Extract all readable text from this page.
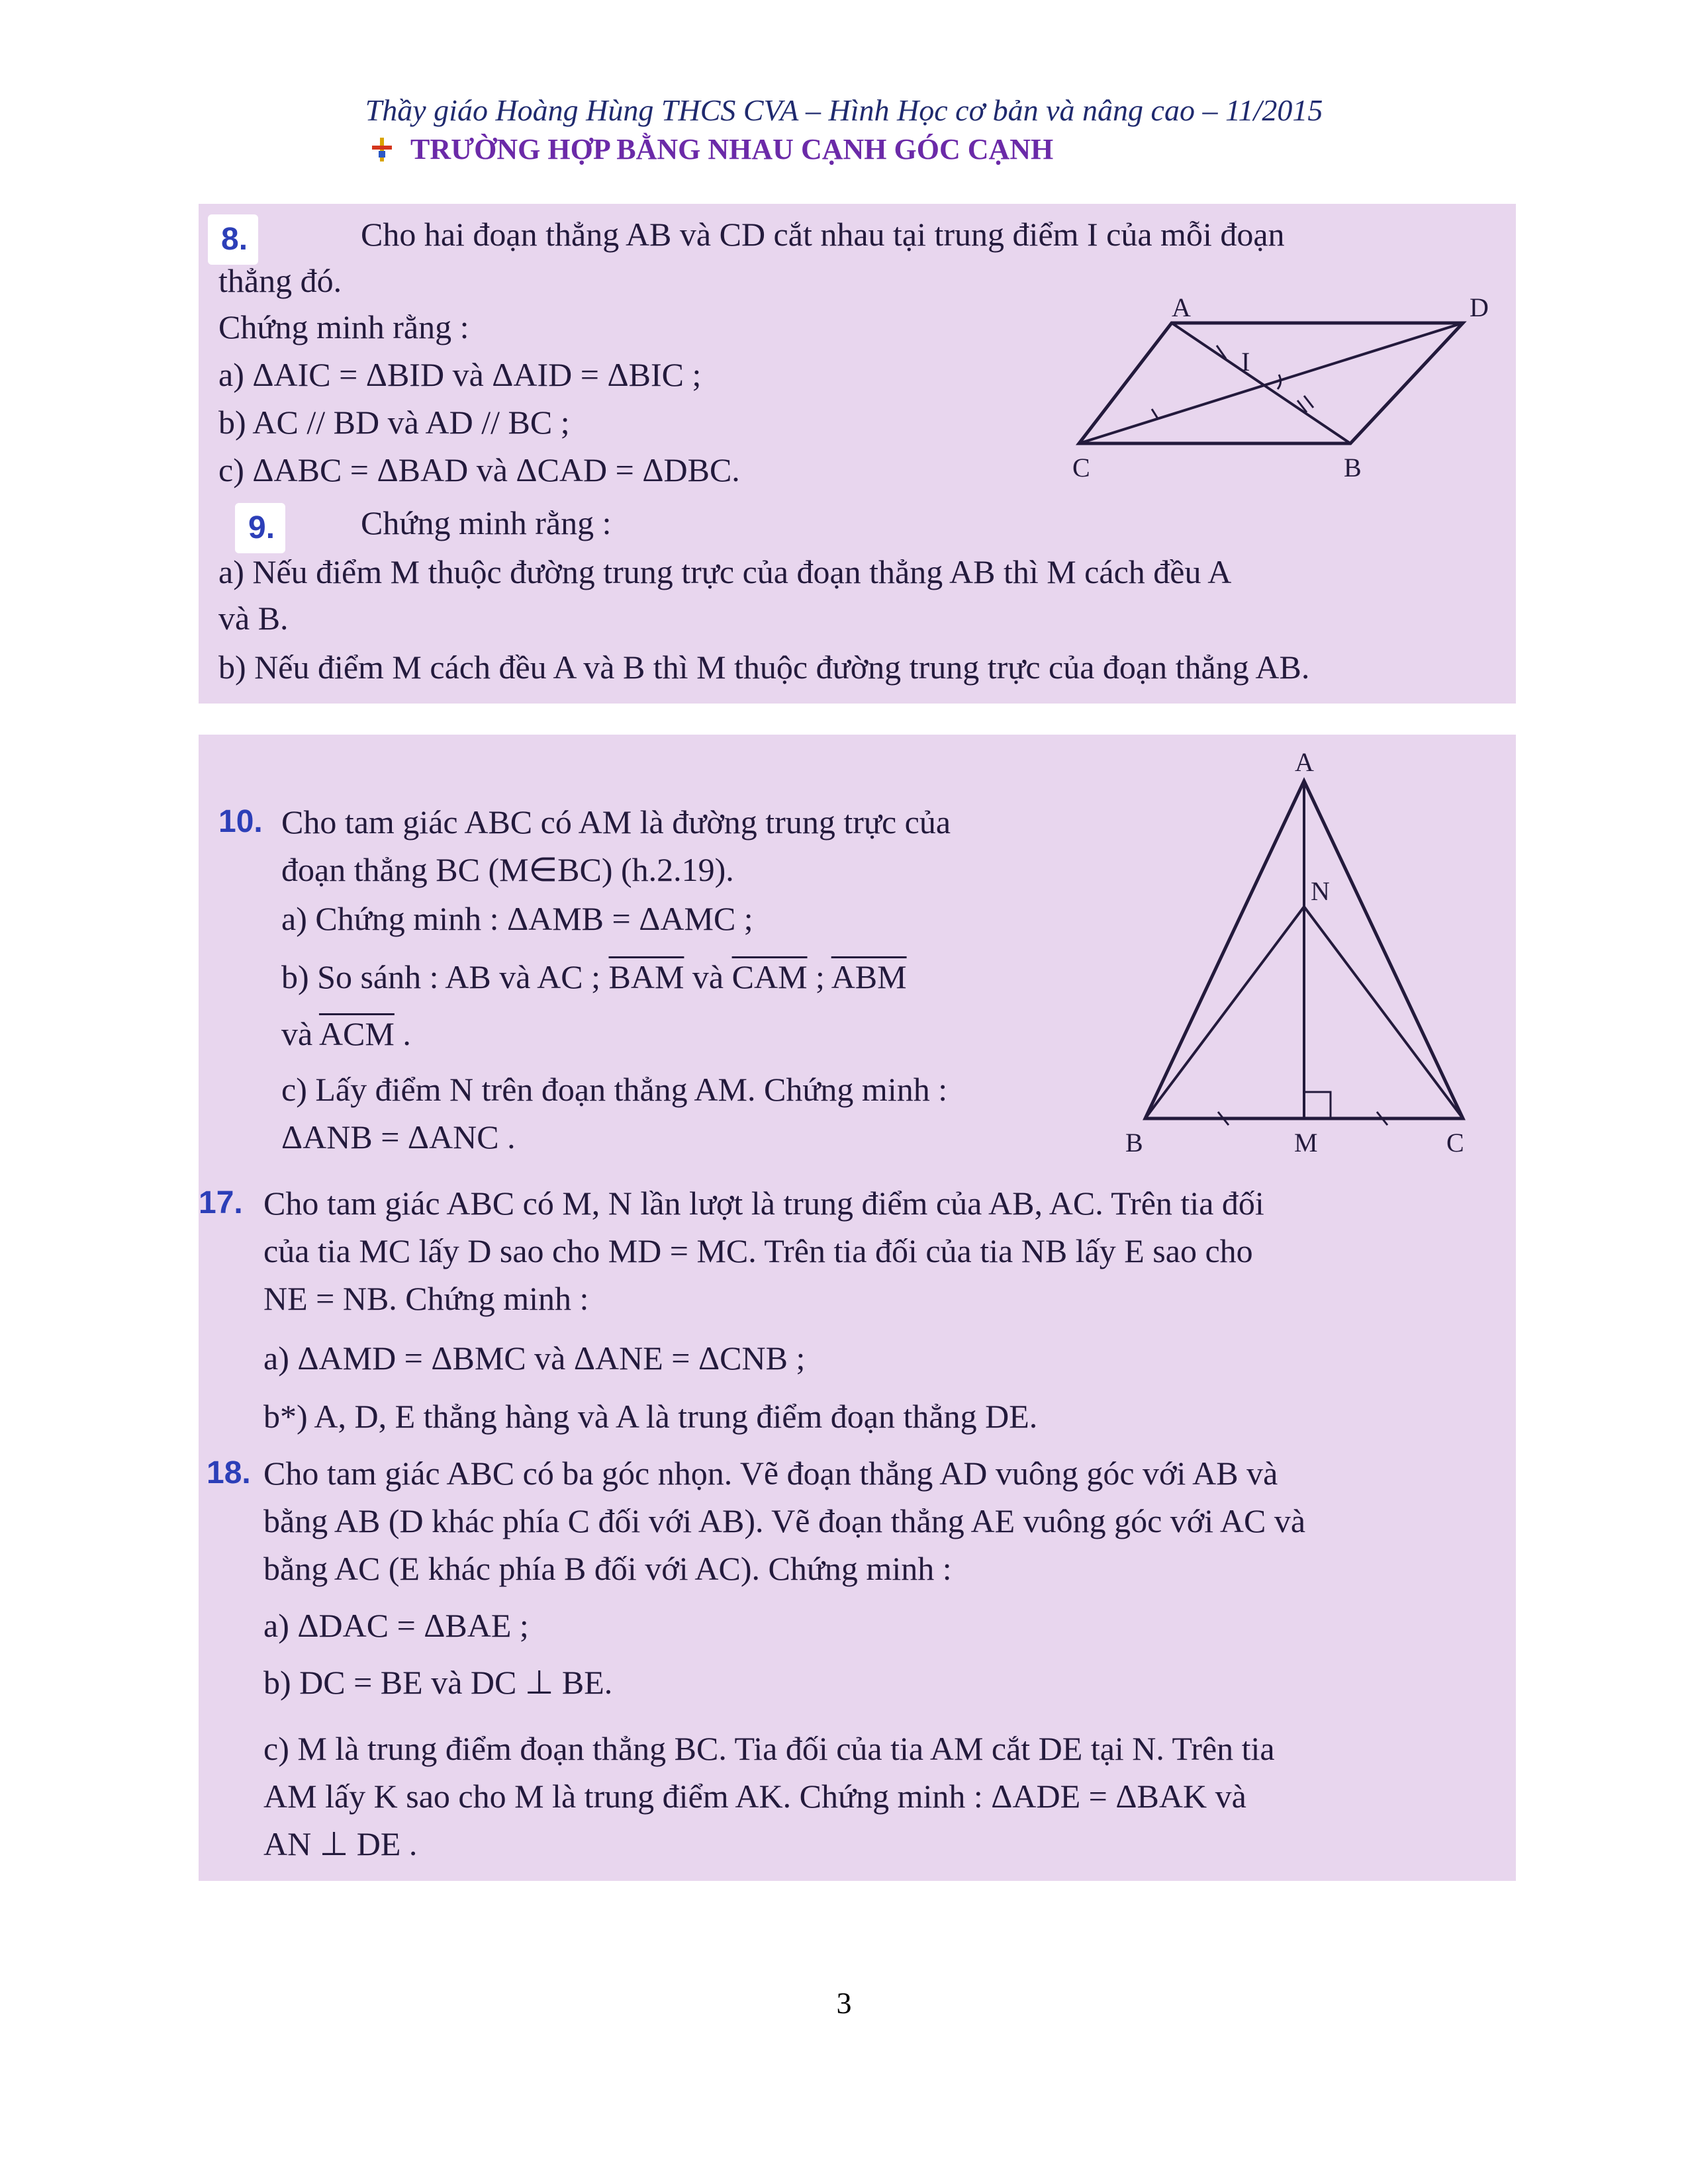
Thầy giáo Hoàng Hùng THCS CVA – Hình Học cơ bản và nâng cao – 11/2015
TRƯỜNG HỢP BẰNG NHAU CẠNH GÓC CẠNH
8.	Cho hai đoạn thẳng AB và CD cắt nhau tại trung điểm I của mỗi đoạn
thẳng đó.
Chứng minh rằng :
a) ΔAIC = ΔBID và ΔAID = ΔBIC ;
b) AC // BD và AD // BC ;
c) ΔABC = ΔBAD và ΔCAD = ΔDBC.
A	D
I
C	B
9.	Chứng minh rằng :
a) Nếu điểm M thuộc đường trung trực của đoạn thẳng AB thì M cách đều A
và B.
b) Nếu điểm M cách đều A và B thì M thuộc đường trung trực của đoạn thẳng AB.
10. Cho tam giác ABC có AM là đường trung trực của
đoạn thẳng BC (M∈BC) (h.2.19).
a) Chứng minh : ΔAMB = ΔAMC ;
b) So sánh : AB và AC ; $\overline{BAM}$ và $\overline{CAM}$ ; $\overline{ABM}$
và $\overline{ACM}$ .
c) Lấy điểm N trên đoạn thẳng AM. Chứng minh :
ΔANB = ΔANC .
A
N
B	M	C
17. Cho tam giác ABC có M, N lần lượt là trung điểm của AB, AC. Trên tia đối
của tia MC lấy D sao cho MD = MC. Trên tia đối của tia NB lấy E sao cho
NE = NB. Chứng minh :
a) ΔAMD = ΔBMC và ΔANE = ΔCNB ;
b*) A, D, E thẳng hàng và A là trung điểm đoạn thẳng DE.
18. Cho tam giác ABC có ba góc nhọn. Vẽ đoạn thẳng AD vuông góc với AB và
bằng AB (D khác phía C đối với AB). Vẽ đoạn thẳng AE vuông góc với AC và
bằng AC (E khác phía B đối với AC). Chứng minh :
a) ΔDAC = ΔBAE ;
b) DC = BE và DC ⊥ BE.
c) M là trung điểm đoạn thẳng BC. Tia đối của tia AM cắt DE tại N. Trên tia
AM lấy K sao cho M là trung điểm AK. Chứng minh : ΔADE = ΔBAK và
AN ⊥ DE .
3
